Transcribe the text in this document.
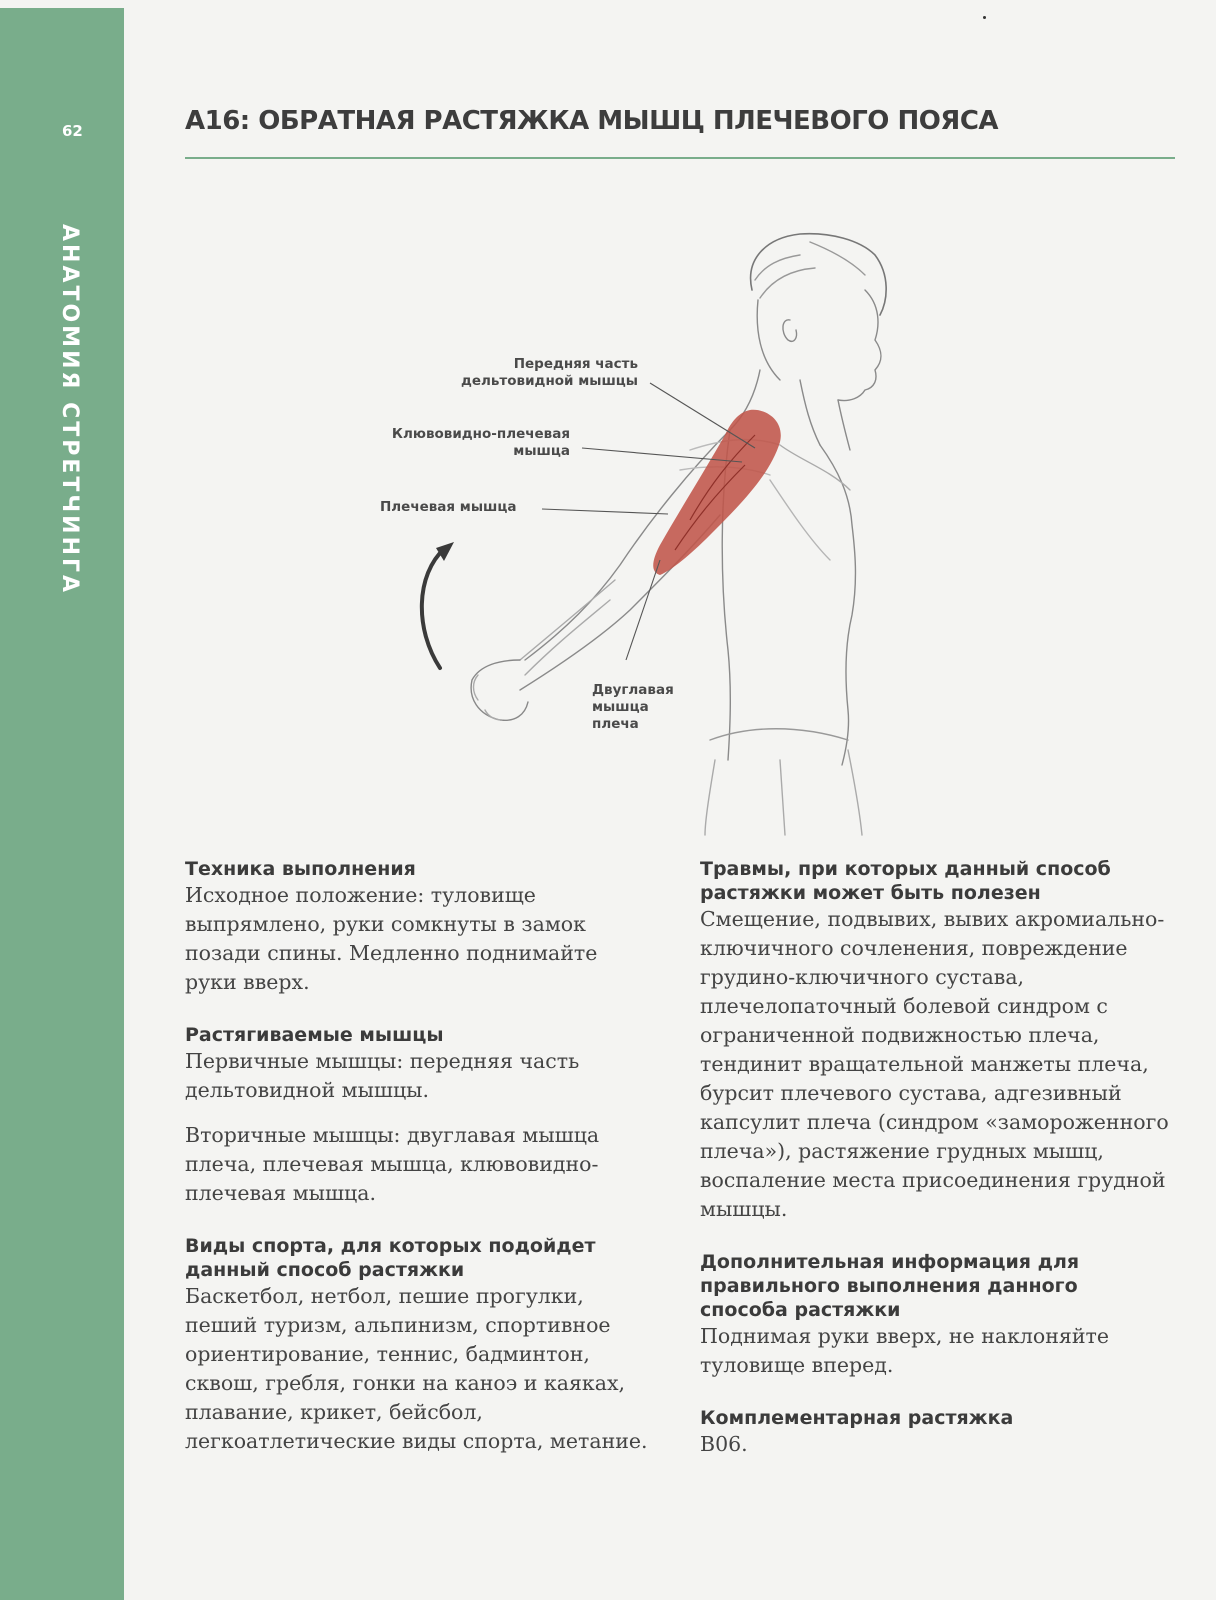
62
АНАТОМИЯ СТРЕТЧИНГА
А16: ОБРАТНАЯ РАСТЯЖКА МЫШЦ ПЛЕЧЕВОГО ПОЯСА
Передняя часть дельтовидной мышцы
Клювовидно-плечевая мышца
Плечевая мышца
Двуглавая мышца плеча
Техника выполнения

Исходное положение: туловище выпрямлено, руки сомкнуты в замок позади спины. Медленно поднимайте руки вверх.

Растягиваемые мышцы

Первичные мышцы: передняя часть дельтовидной мышцы.

Вторичные мышцы: двуглавая мышца плеча, плечевая мышца, клювовидно-плечевая мышца.

Виды спорта, для которых подойдет данный способ растяжки

Баскетбол, нетбол, пешие прогулки, пеший туризм, альпинизм, спортивное ориентирование, теннис, бадминтон, сквош, гребля, гонки на каноэ и каяках, плавание, крикет, бейсбол, легкоатлетические виды спорта, метание.

Травмы, при которых данный способ растяжки может быть полезен

Смещение, подвывих, вывих акромиально-ключичного сочленения, повреждение грудино-ключичного сустава, плечелопаточный болевой синдром с ограниченной подвижностью плеча, тендинит вращательной манжеты плеча, бурсит плечевого сустава, адгезивный капсулит плеча (синдром «замороженного плеча»), растяжение грудных мышц, воспаление места присоединения грудной мышцы.

Дополнительная информация для правильного выполнения данного способа растяжки

Поднимая руки вверх, не наклоняйте туловище вперед.

Комплементарная растяжка

В06.
